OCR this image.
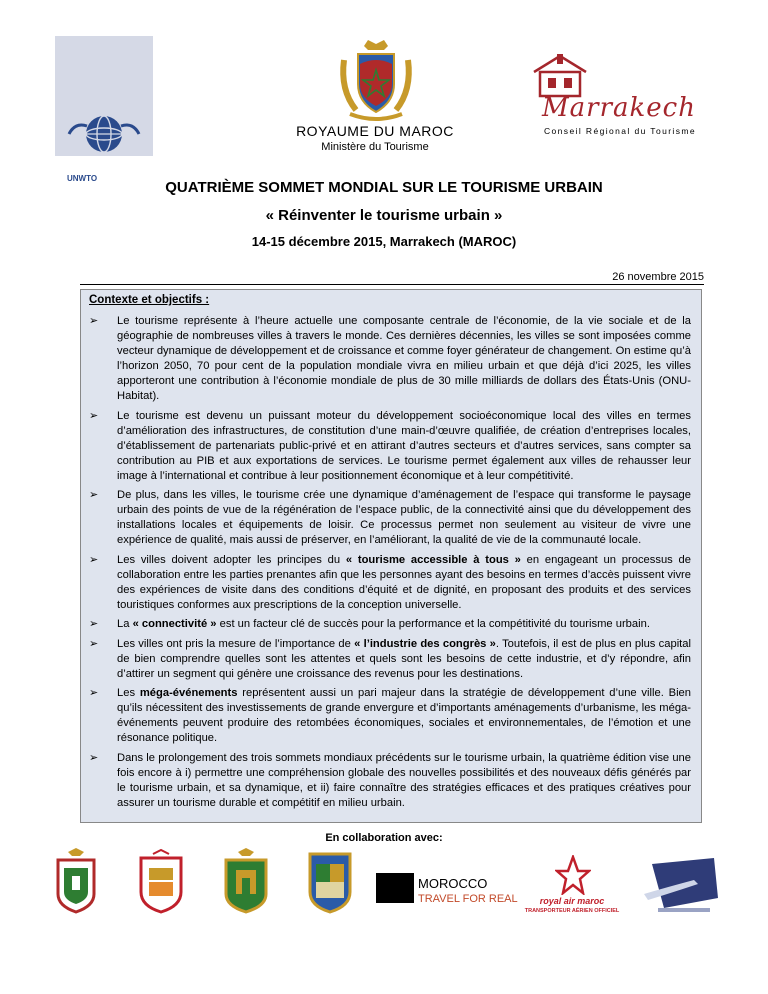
UNWTO
ROYAUME DU MAROC
Ministère du Tourisme
Marrakech
Conseil Régional du Tourisme
QUATRIÈME SOMMET MONDIAL SUR LE TOURISME URBAIN
« Réinventer le tourisme urbain »
14-15 décembre 2015, Marrakech (MAROC)
26 novembre 2015
Contexte et objectifs :
➢ Le tourisme représente à l’heure actuelle une composante centrale de l’économie, de la vie sociale et de la géographie de nombreuses villes à travers le monde. Ces dernières décennies, les villes se sont imposées comme vecteur dynamique de développement et de croissance et comme foyer générateur de changement. On estime qu’à l’horizon 2050, 70 pour cent de la population mondiale vivra en milieu urbain et que déjà d’ici 2025, les villes apporteront une contribution à l’économie mondiale de plus de 30 mille milliards de dollars des États-Unis (ONU-Habitat).
➢ Le tourisme est devenu un puissant moteur du développement socioéconomique local des villes en termes d’amélioration des infrastructures, de constitution d’une main-d’œuvre qualifiée, de création d’entreprises locales, d’établissement de partenariats public-privé et en attirant d’autres secteurs et d’autres services, sans compter sa contribution au PIB et aux exportations de services. Le tourisme permet également aux villes de rehausser leur image à l’international et contribue à leur positionnement économique et à leur compétitivité.
➢ De plus, dans les villes, le tourisme crée une dynamique d’aménagement de l’espace qui transforme le paysage urbain des points de vue de la régénération de l’espace public, de la connectivité ainsi que du développement des installations locales et équipements de loisir. Ce processus permet non seulement au visiteur de vivre une expérience de qualité, mais aussi de préserver, en l’améliorant, la qualité de vie de la communauté locale.
➢ Les villes doivent adopter les principes du « tourisme accessible à tous » en engageant un processus de collaboration entre les parties prenantes afin que les personnes ayant des besoins en termes d’accès puissent vivre des expériences de visite dans des conditions d’équité et de dignité, en proposant des produits et des services touristiques conformes aux prescriptions de la conception universelle.
➢ La « connectivité » est un facteur clé de succès pour la performance et la compétitivité du tourisme urbain.
➢ Les villes ont pris la mesure de l’importance de « l’industrie des congrès ». Toutefois, il est de plus en plus capital de bien comprendre quelles sont les attentes et quels sont les besoins de cette industrie, et d’y répondre, afin d’attirer un segment qui génère une croissance des revenus pour les destinations.
➢ Les méga-événements représentent aussi un pari majeur dans la stratégie de développement d’une ville. Bien qu’ils nécessitent des investissements de grande envergure et d’importants aménagements d’urbanisme, les méga-événements peuvent produire des retombées économiques, sociales et environnementales, de l’émotion et une résonance politique.
➢ Dans le prolongement des trois sommets mondiaux précédents sur le tourisme urbain, la quatrième édition vise une fois encore à i) permettre une compréhension globale des nouvelles possibilités et des nouveaux défis générés par le tourisme urbain, et sa dynamique, et ii) faire connaître des stratégies efficaces et des pratiques créatives pour assurer un tourisme durable et compétitif en milieu urbain.
En collaboration avec:
MOROCCO
TRAVEL FOR REAL	royal air maroc
TRANSPORTEUR AÉRIEN OFFICIEL
